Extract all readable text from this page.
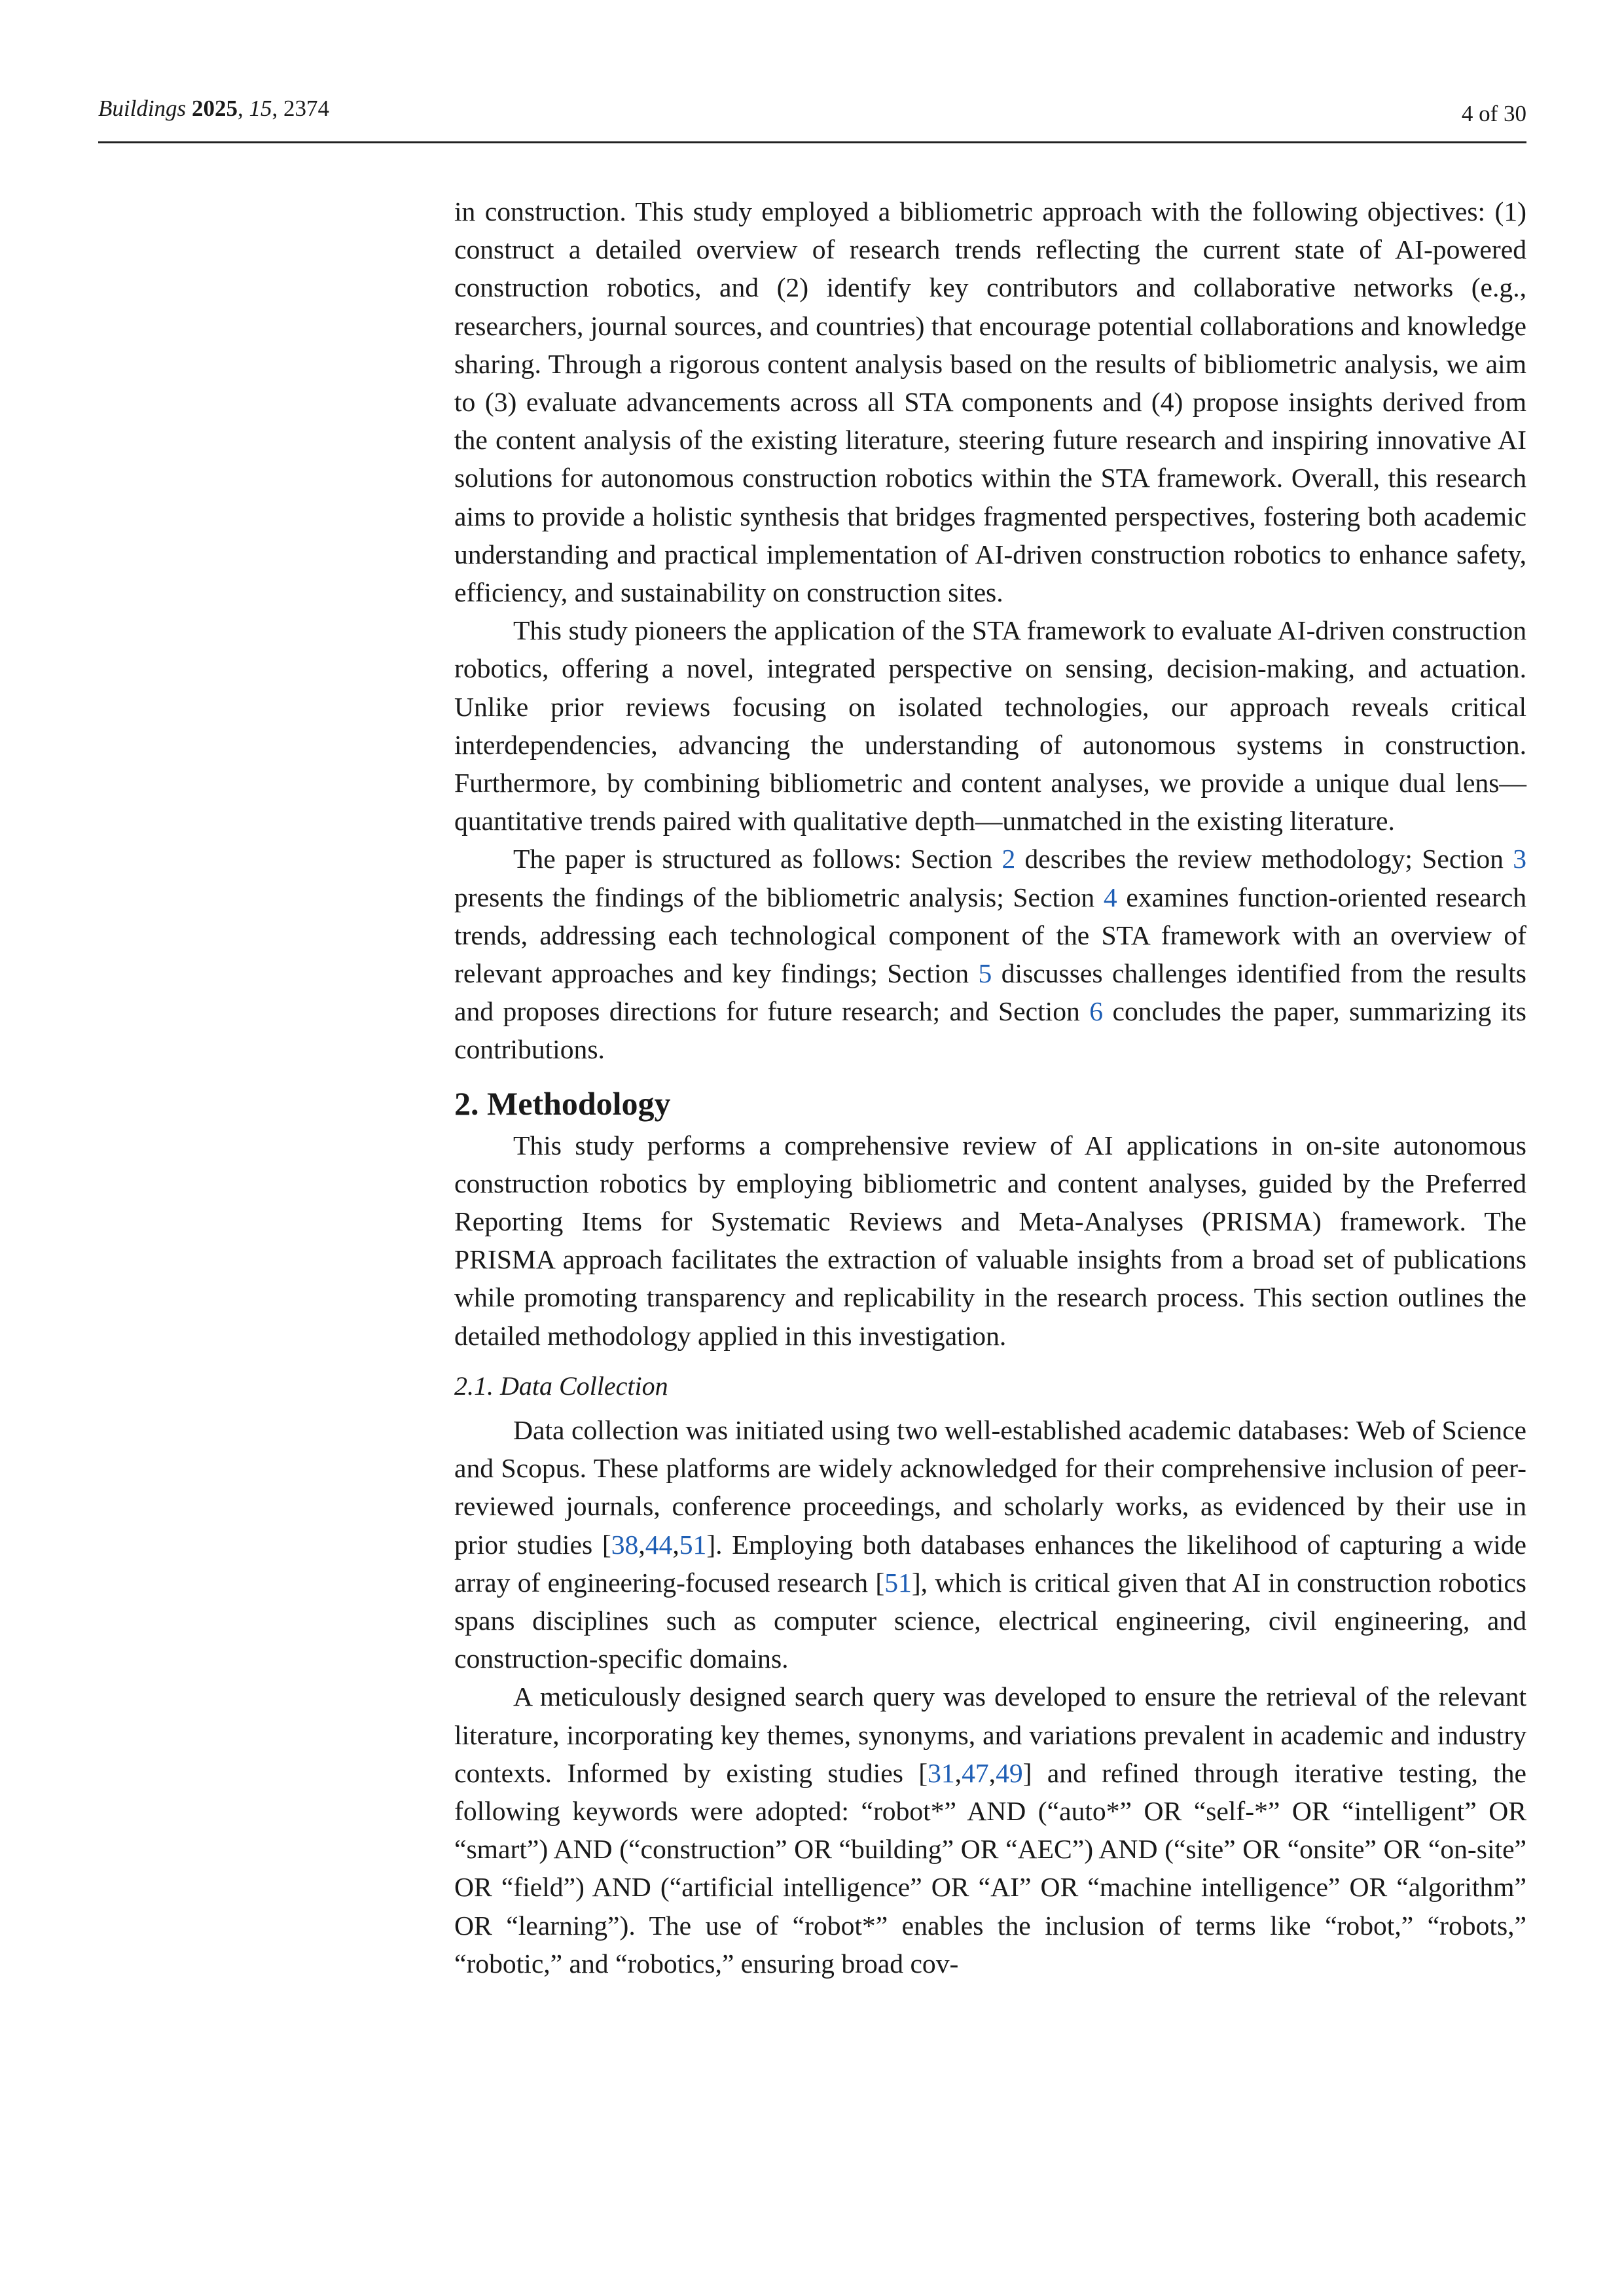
Buildings 2025, 15, 2374	4 of 30

in construction. This study employed a bibliometric approach with the following objectives: (1) construct a detailed overview of research trends reflecting the current state of AI-powered construction robotics, and (2) identify key contributors and collaborative networks (e.g., researchers, journal sources, and countries) that encourage potential collaborations and knowledge sharing. Through a rigorous content analysis based on the results of bibliometric analysis, we aim to (3) evaluate advancements across all STA components and (4) propose insights derived from the content analysis of the existing literature, steering future research and inspiring innovative AI solutions for autonomous construction robotics within the STA framework. Overall, this research aims to provide a holistic synthesis that bridges fragmented perspectives, fostering both academic understanding and practical implementation of AI-driven construction robotics to enhance safety, efficiency, and sustainability on construction sites.

This study pioneers the application of the STA framework to evaluate AI-driven construction robotics, offering a novel, integrated perspective on sensing, decision-making, and actuation. Unlike prior reviews focusing on isolated technologies, our approach reveals critical interdependencies, advancing the understanding of autonomous systems in construction. Furthermore, by combining bibliometric and content analyses, we provide a unique dual lens—quantitative trends paired with qualitative depth—unmatched in the existing literature.

The paper is structured as follows: Section 2 describes the review methodology; Section 3 presents the findings of the bibliometric analysis; Section 4 examines function-oriented research trends, addressing each technological component of the STA framework with an overview of relevant approaches and key findings; Section 5 discusses challenges identified from the results and proposes directions for future research; and Section 6 concludes the paper, summarizing its contributions.

2. Methodology

This study performs a comprehensive review of AI applications in on-site autonomous construction robotics by employing bibliometric and content analyses, guided by the Preferred Reporting Items for Systematic Reviews and Meta-Analyses (PRISMA) framework. The PRISMA approach facilitates the extraction of valuable insights from a broad set of publications while promoting transparency and replicability in the research process. This section outlines the detailed methodology applied in this investigation.

2.1. Data Collection

Data collection was initiated using two well-established academic databases: Web of Science and Scopus. These platforms are widely acknowledged for their comprehensive inclusion of peer-reviewed journals, conference proceedings, and scholarly works, as evidenced by their use in prior studies [38,44,51]. Employing both databases enhances the likelihood of capturing a wide array of engineering-focused research [51], which is critical given that AI in construction robotics spans disciplines such as computer science, electrical engineering, civil engineering, and construction-specific domains.

A meticulously designed search query was developed to ensure the retrieval of the relevant literature, incorporating key themes, synonyms, and variations prevalent in academic and industry contexts. Informed by existing studies [31,47,49] and refined through iterative testing, the following keywords were adopted: “robot*” AND (“auto*” OR “self-*” OR “intelligent” OR “smart”) AND (“construction” OR “building” OR “AEC”) AND (“site” OR “onsite” OR “on-site” OR “field”) AND (“artificial intelligence” OR “AI” OR “machine intelligence” OR “algorithm” OR “learning”). The use of “robot*” enables the inclusion of terms like “robot,” “robots,” “robotic,” and “robotics,” ensuring broad cov-
